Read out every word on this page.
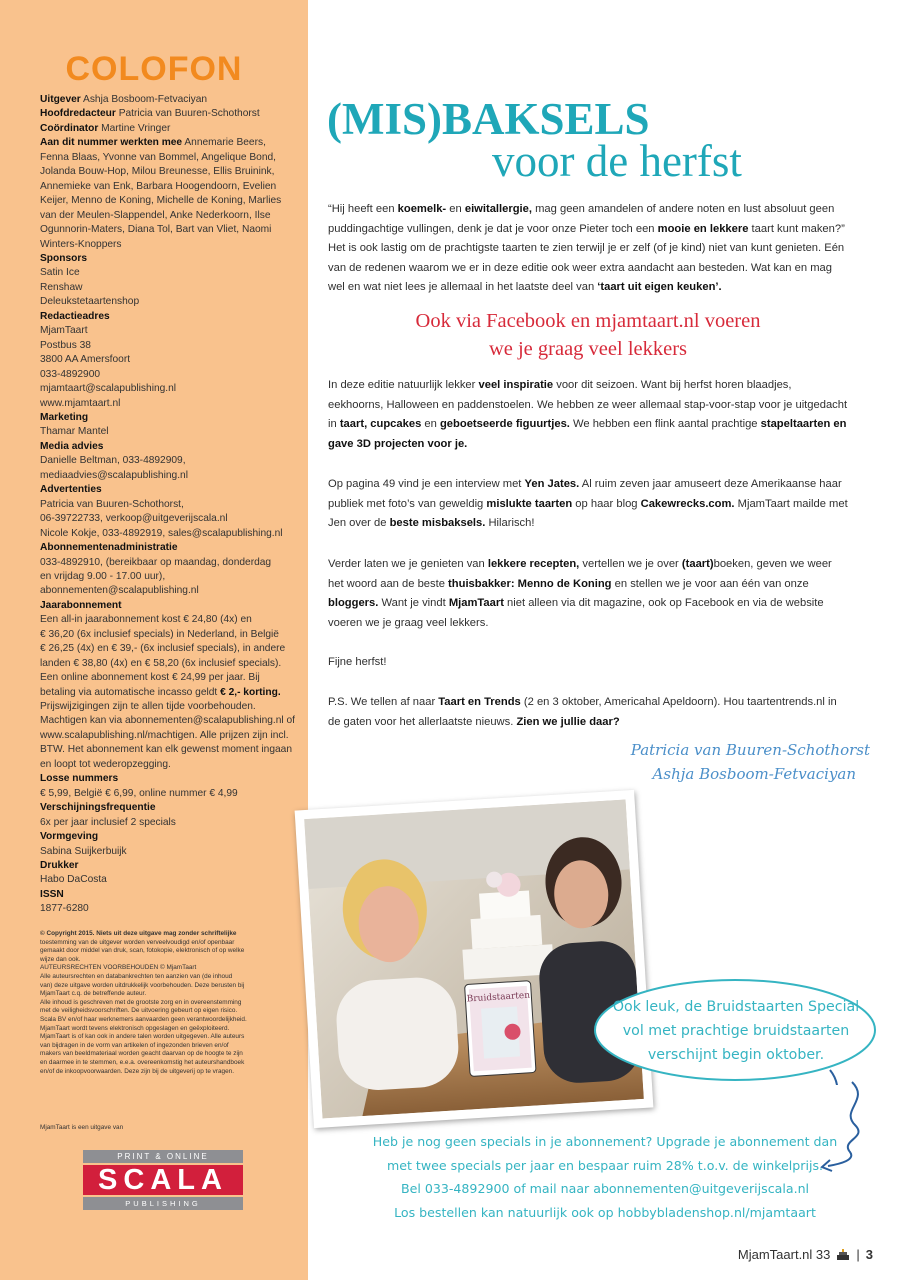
COLOFON
Uitgever Ashja Bosboom-Fetvaciyan
Hoofdredacteur Patricia van Buuren-Schothorst
Coördinator Martine Vringer
Aan dit nummer werkten mee Annemarie Beers,
Fenna Blaas, Yvonne van Bommel, Angelique Bond,
Jolanda Bouw-Hop, Milou Breunesse, Ellis Bruinink,
Annemieke van Enk, Barbara Hoogendoorn, Evelien
Keijer, Menno de Koning, Michelle de Koning, Marlies
van der Meulen-Slappendel, Anke Nederkoorn, Ilse
Ogunnorin-Maters, Diana Tol, Bart van Vliet, Naomi
Winters-Knoppers
Sponsors
Satin Ice
Renshaw
Deleukstetaartenshop
Redactieadres
MjamTaart
Postbus 38
3800 AA Amersfoort
033-4892900
mjamtaart@scalapublishing.nl
www.mjamtaart.nl
Marketing
Thamar Mantel
Media advies
Danielle Beltman, 033-4892909,
mediaadvies@scalapublishing.nl
Advertenties
Patricia van Buuren-Schothorst,
06-39722733, verkoop@uitgeverijscala.nl
Nicole Kokje, 033-4892919, sales@scalapublishing.nl
Abonnementenadministratie
033-4892910, (bereikbaar op maandag, donderdag
en vrijdag 9.00 - 17.00 uur),
abonnementen@scalapublishing.nl
Jaarabonnement
Een all-in jaarabonnement kost € 24,80 (4x) en
€ 36,20 (6x inclusief specials) in Nederland, in België
€ 26,25 (4x) en € 39,- (6x inclusief specials), in andere
landen € 38,80 (4x) en € 58,20 (6x inclusief specials).
Een online abonnement kost € 24,99 per jaar. Bij
betaling via automatische incasso geldt € 2,- korting.
Prijswijzigingen zijn te allen tijde voorbehouden.
Machtigen kan via abonnementen@scalapublishing.nl of
www.scalapublishing.nl/machtigen. Alle prijzen zijn incl.
BTW. Het abonnement kan elk gewenst moment ingaan
en loopt tot wederopzegging.
Losse nummers
€ 5,99, België € 6,99, online nummer € 4,99
Verschijningsfrequentie
6x per jaar inclusief 2 specials
Vormgeving
Sabina Suijkerbuijk
Drukker
Habo DaCosta
ISSN
1877-6280
© Copyright 2015. Niets uit deze uitgave mag zonder schriftelijke
toestemming van de uitgever worden verveelvoudigd en/of openbaar
gemaakt door middel van druk, scan, fotokopie, elektronisch of op welke
wijze dan ook.
AUTEURSRECHTEN VOORBEHOUDEN © MjamTaart
Alle auteursrechten en databankrechten ten aanzien van (de inhoud
van) deze uitgave worden uitdrukkelijk voorbehouden. Deze berusten bij
MjamTaart c.q. de betreffende auteur.
Alle inhoud is geschreven met de grootste zorg en in overeenstemming
met de veiligheidsvoorschriften. De uitvoering gebeurt op eigen risico.
Scala BV en/of haar werknemers aanvaarden geen verantwoordelijkheid.
MjamTaart wordt tevens elektronisch opgeslagen en geëxploiteerd.
MjamTaart is of kan ook in andere talen worden uitgegeven. Alle auteurs
van bijdragen in de vorm van artikelen of ingezonden brieven en/of
makers van beeldmateriaal worden geacht daarvan op de hoogte te zijn
en daarmee in te stemmen, e.e.a. overeenkomstig het auteurshandboek
en/of de inkoopvoorwaarden. Deze zijn bij de uitgeverij op te vragen.
MjamTaart is een uitgave van
PRINT & ONLINE
SCALA
PUBLISHING
(MIS)BAKSELS
voor de herfst

“Hij heeft een koemelk- en eiwitallergie, mag geen amandelen of andere noten en lust absoluut geen puddingachtige vullingen, denk je dat je voor onze Pieter toch een mooie en lekkere taart kunt maken?” Het is ook lastig om de prachtigste taarten te zien terwijl je er zelf (of je kind) niet van kunt genieten. Eén van de redenen waarom we er in deze editie ook weer extra aandacht aan besteden. Wat kan en mag wel en wat niet lees je allemaal in het laatste deel van ‘taart uit eigen keuken’.

Ook via Facebook en mjamtaart.nl voeren
we je graag veel lekkers

In deze editie natuurlijk lekker veel inspiratie voor dit seizoen. Want bij herfst horen blaadjes, eekhoorns, Halloween en paddenstoelen. We hebben ze weer allemaal stap-voor-stap voor je uitgedacht in taart, cupcakes en geboetseerde figuurtjes. We hebben een flink aantal prachtige stapeltaarten en gave 3D projecten voor je.

Op pagina 49 vind je een interview met Yen Jates. Al ruim zeven jaar amuseert deze Amerikaanse haar publiek met foto’s van geweldig mislukte taarten op haar blog Cakewrecks.com. MjamTaart mailde met Jen over de beste misbaksels. Hilarisch!

Verder laten we je genieten van lekkere recepten, vertellen we je over (taart)boeken, geven we weer het woord aan de beste thuisbakker: Menno de Koning en stellen we je voor aan één van onze bloggers. Want je vindt MjamTaart niet alleen via dit magazine, ook op Facebook en via de website voeren we je graag veel lekkers.

Fijne herfst!

P.S. We tellen af naar Taart en Trends (2 en 3 oktober, Americahal Apeldoorn). Hou taartentrends.nl in de gaten voor het allerlaatste nieuws. Zien we jullie daar?

Patricia van Buuren-Schothorst
Ashja Bosboom-Fetvaciyan
Bruidstaarten
Ook leuk, de Bruidstaarten Special
vol met prachtige bruidstaarten
verschijnt begin oktober.
Heb je nog geen specials in je abonnement? Upgrade je abonnement dan
met twee specials per jaar en bespaar ruim 28% t.o.v. de winkelprijs.
Bel 033-4892900 of mail naar abonnementen@uitgeverijscala.nl
Los bestellen kan natuurlijk ook op hobbybladenshop.nl/mjamtaart
MjamTaart.nl 33 | 3
